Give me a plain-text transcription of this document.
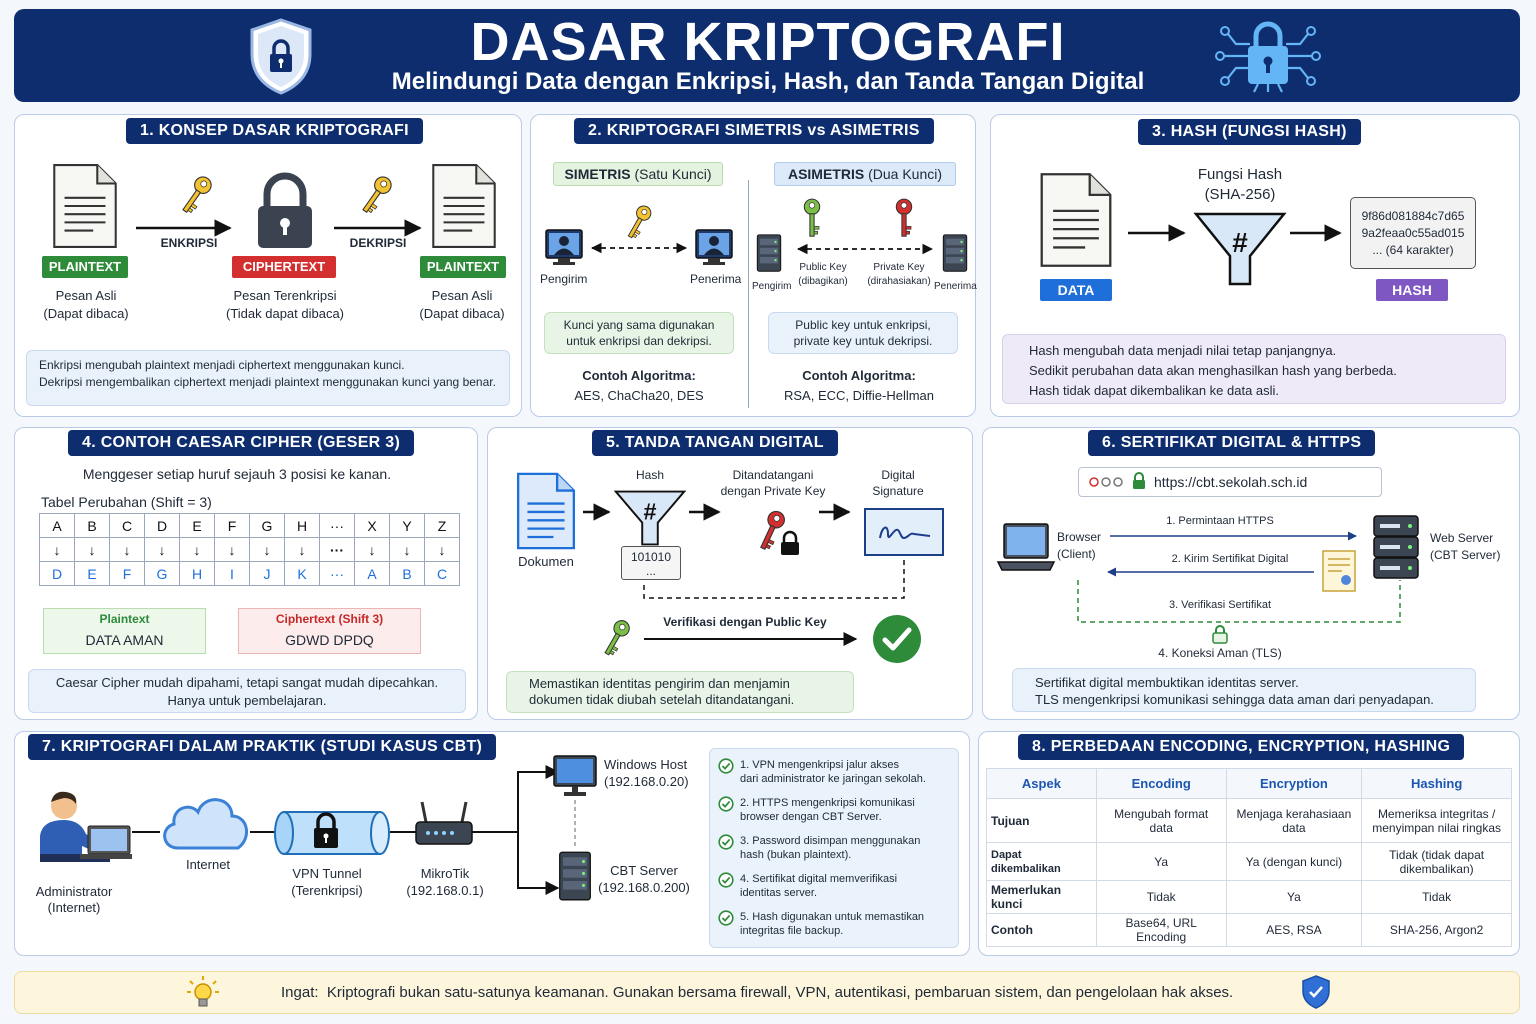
DASAR KRIPTOGRAFI
Melindungi Data dengan Enkripsi, Hash, dan Tanda Tangan Digital
1. KONSEP DASAR KRIPTOGRAFI
ENKRIPSI	DEKRIPSI
PLAINTEXT	CIPHERTEXT	PLAINTEXT
Pesan Asli
(Dapat dibaca)
Pesan Terenkripsi
(Tidak dapat dibaca)
Pesan Asli
(Dapat dibaca)
Enkripsi mengubah plaintext menjadi ciphertext menggunakan kunci.
Dekripsi mengembalikan ciphertext menjadi plaintext menggunakan kunci yang benar.
2. KRIPTOGRAFI SIMETRIS vs ASIMETRIS
SIMETRIS (Satu Kunci)	ASIMETRIS (Dua Kunci)
Pengirim	Penerima
Public Key
(dibagikan)
Private Key
(dirahasiakan)
Pengirim	Penerima
Kunci yang sama digunakan
untuk enkripsi dan dekripsi.
Public key untuk enkripsi,
private key untuk dekripsi.
Contoh Algoritma:
AES, ChaCha20, DES
Contoh Algoritma:
RSA, ECC, Diffie-Hellman
3. HASH (FUNGSI HASH)
Fungsi Hash
(SHA-256)
#
9f86d081884c7d65
9a2feaa0c55ad015
... (64 karakter)
DATA	HASH
Hash mengubah data menjadi nilai tetap panjangnya.
Sedikit perubahan data akan menghasilkan hash yang berbeda.
Hash tidak dapat dikembalikan ke data asli.
4. CONTOH CAESAR CIPHER (GESER 3)
Menggeser setiap huruf sejauh 3 posisi ke kanan.
Tabel Perubahan (Shift = 3)
A	B	C	D	E	F	G	H	···	X	Y	Z
↓	↓	↓	↓	↓	↓	↓	↓	···	↓	↓	↓
D	E	F	G	H	I	J	K	···	A	B	C
Plaintext
DATA AMAN
Ciphertext (Shift 3)
GDWD DPDQ
Caesar Cipher mudah dipahami, tetapi sangat mudah dipecahkan.
Hanya untuk pembelajaran.
5. TANDA TANGAN DIGITAL
Dokumen
Hash
#
101010
...
Ditandatangani
dengan Private Key
Digital
Signature
Verifikasi dengan Public Key
Memastikan identitas pengirim dan menjamin
dokumen tidak diubah setelah ditandatangani.
6. SERTIFIKAT DIGITAL & HTTPS
https://cbt.sekolah.sch.id
Browser
(Client)
Web Server
(CBT Server)
1. Permintaan HTTPS
2. Kirim Sertifikat Digital
3. Verifikasi Sertifikat
4. Koneksi Aman (TLS)
Sertifikat digital membuktikan identitas server.
TLS mengenkripsi komunikasi sehingga data aman dari penyadapan.
7. KRIPTOGRAFI DALAM PRAKTIK (STUDI KASUS CBT)
Administrator
(Internet)
Internet
VPN Tunnel
(Terenkripsi)
MikroTik
(192.168.0.1)
Windows Host
(192.168.0.20)
CBT Server
(192.168.0.200)
1. VPN mengenkripsi jalur akses
dari administrator ke jaringan sekolah.
2. HTTPS mengenkripsi komunikasi
browser dengan CBT Server.
3. Password disimpan menggunakan
hash (bukan plaintext).
4. Sertifikat digital memverifikasi
identitas server.
5. Hash digunakan untuk memastikan
integritas file backup.
8. PERBEDAAN ENCODING, ENCRYPTION, HASHING
Aspek	Encoding	Encryption	Hashing
Tujuan	Mengubah format data	Menjaga kerahasiaan data	Memeriksa integritas / menyimpan nilai ringkas
Dapat dikembalikan	Ya	Ya (dengan kunci)	Tidak (tidak dapat dikembalikan)
Memerlukan kunci	Tidak	Ya	Tidak
Contoh	Base64, URL Encoding	AES, RSA	SHA-256, Argon2
Ingat: Kriptografi bukan satu-satunya keamanan. Gunakan bersama firewall, VPN, autentikasi, pembaruan sistem, dan pengelolaan hak akses.
